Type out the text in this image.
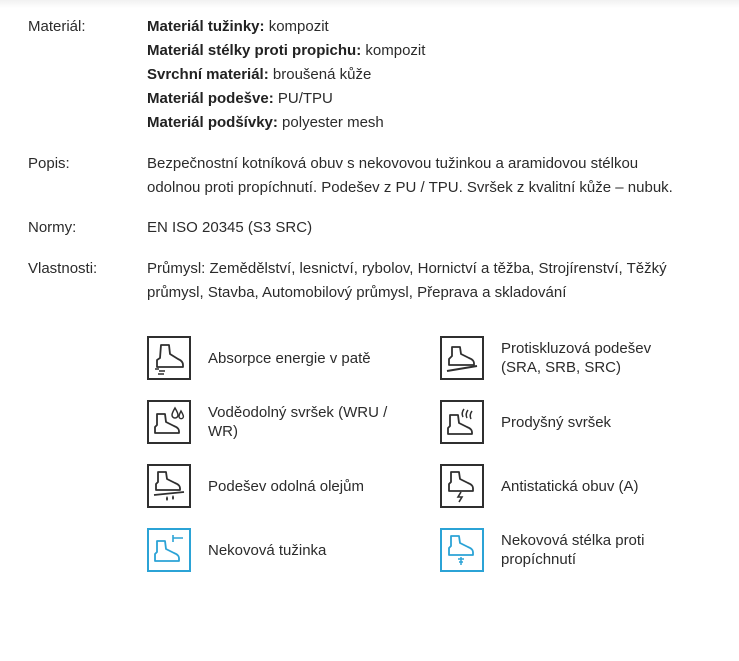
Materiál:	Materiál tužinky: kompozit
Materiál stélky proti propichu: kompozit
Svrchní materiál: broušená kůže
Materiál podešve: PU/TPU
Materiál podšívky: polyester mesh
Popis:	Bezpečnostní kotníková obuv s nekovovou tužinkou a aramidovou stélkou
odolnou proti propíchnutí. Podešev z PU / TPU. Svršek z kvalitní kůže – nubuk.
Normy:	EN ISO 20345 (S3 SRC)
Vlastnosti:	Průmysl: Zemědělství, lesnictví, rybolov, Hornictví a těžba, Strojírenství, Těžký
průmysl, Stavba, Automobilový průmysl, Přeprava a skladování
Absorpce energie v patě
Protiskluzová podešev
(SRA, SRB, SRC)
Voděodolný svršek (WRU /
WR)
Prodyšný svršek
Podešev odolná olejům	Antistatická obuv (A)
Nekovová tužinka
Nekovová stélka proti
propíchnutí
